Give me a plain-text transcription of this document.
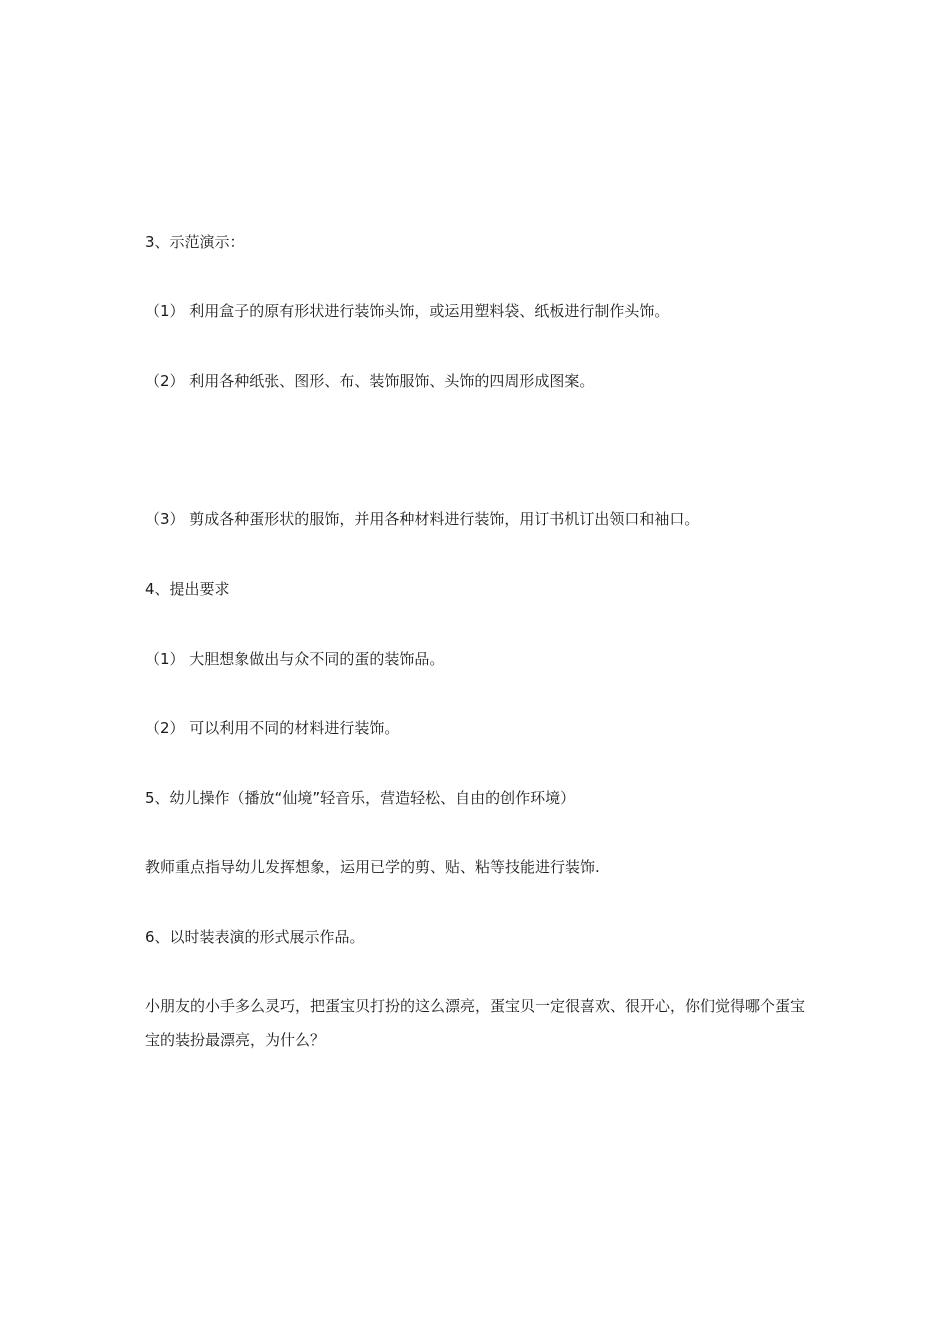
3、示范演示：
（1） 利用盒子的原有形状进行装饰头饰，或运用塑料袋、纸板进行制作头饰。
（2） 利用各种纸张、图形、布、装饰服饰、头饰的四周形成图案。
（3） 剪成各种蛋形状的服饰，并用各种材料进行装饰，用订书机订出领口和袖口。
4、提出要求
（1） 大胆想象做出与众不同的蛋的装饰品。
（2） 可以利用不同的材料进行装饰。
5、幼儿操作（播放“仙境”轻音乐，营造轻松、自由的创作环境）
教师重点指导幼儿发挥想象，运用已学的剪、贴、粘等技能进行装饰.
6、以时装表演的形式展示作品。
小朋友的小手多么灵巧，把蛋宝贝打扮的这么漂亮，蛋宝贝一定很喜欢、很开心，你们觉得哪个蛋宝宝的装扮最漂亮，为什么？
